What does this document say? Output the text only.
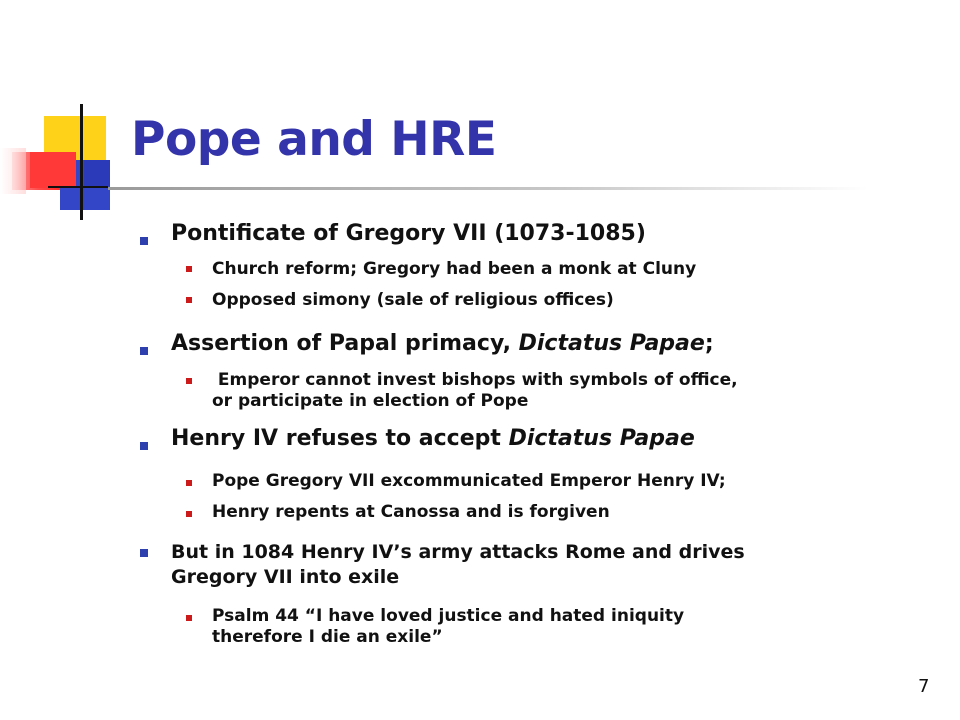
Pope and HRE
Pontificate of Gregory VII (1073-1085)
Church reform; Gregory had been a monk at Cluny
Opposed simony (sale of religious offices)
Assertion of Papal primacy, Dictatus Papae;
Emperor cannot invest bishops with symbols of office,
or participate in election of Pope
Henry IV refuses to accept Dictatus Papae
Pope Gregory VII excommunicated Emperor Henry IV;
Henry repents at Canossa and is forgiven
But in 1084 Henry IV’s army attacks Rome and drives
Gregory VII into exile
Psalm 44 “I have loved justice and hated iniquity
therefore I die an exile”
7
